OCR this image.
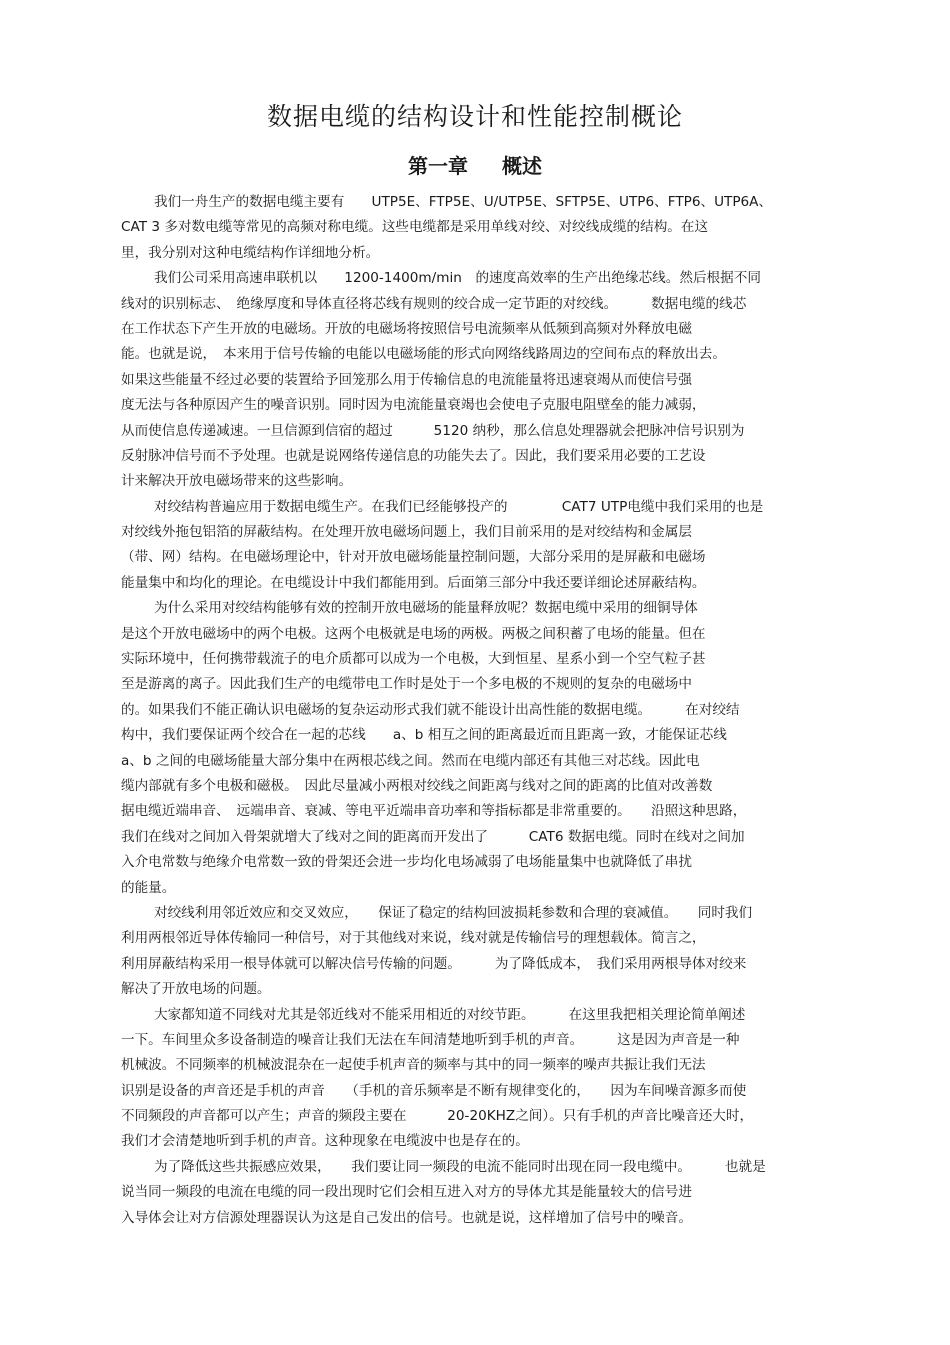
数据电缆的结构设计和性能控制概论
第一章 概述
我们一舟生产的数据电缆主要有　　UTP5E、FTP5E、U/UTP5E、SFTP5E、UTP6、FTP6、UTP6A、
CAT 3 多对数电缆等常见的高频对称电缆。这些电缆都是采用单线对绞、对绞线成缆的结构。在这
里，我分别对这种电缆结构作详细地分析。
我们公司采用高速串联机以　　1200-1400m/min　的速度高效率的生产出绝缘芯线。然后根据不同
线对的识别标志、　绝缘厚度和导体直径将芯线有规则的绞合成一定节距的对绞线。　　　数据电缆的线芯
在工作状态下产生开放的电磁场。开放的电磁场将按照信号电流频率从低频到高频对外释放电磁
能。也就是说，　本来用于信号传输的电能以电磁场能的形式向网络线路周边的空间布点的释放出去。
如果这些能量不经过必要的装置给予回笼那么用于传输信息的电流能量将迅速衰竭从而使信号强
度无法与各种原因产生的噪音识别。同时因为电流能量衰竭也会使电子克服电阻壁垒的能力减弱，
从而使信息传递减速。一旦信源到信宿的超过　　　5120 纳秒，那么信息处理器就会把脉冲信号识别为
反射脉冲信号而不予处理。也就是说网络传递信息的功能失去了。因此，我们要采用必要的工艺设
计来解决开放电磁场带来的这些影响。
对绞结构普遍应用于数据电缆生产。在我们已经能够投产的　　　　CAT7 UTP电缆中我们采用的也是
对绞线外拖包铝箔的屏蔽结构。在处理开放电磁场问题上，我们目前采用的是对绞结构和金属层
（带、网）结构。在电磁场理论中，针对开放电磁场能量控制问题，大部分采用的是屏蔽和电磁场
能量集中和均化的理论。在电缆设计中我们都能用到。后面第三部分中我还要详细论述屏蔽结构。
为什么采用对绞结构能够有效的控制开放电磁场的能量释放呢？数据电缆中采用的细铜导体
是这个开放电磁场中的两个电极。这两个电极就是电场的两极。两极之间积蓄了电场的能量。但在
实际环境中，任何携带载流子的电介质都可以成为一个电极，大到恒星、星系小到一个空气粒子甚
至是游离的离子。因此我们生产的电缆带电工作时是处于一个多电极的不规则的复杂的电磁场中
的。如果我们不能正确认识电磁场的复杂运动形式我们就不能设计出高性能的数据电缆。　　　在对绞结
构中，我们要保证两个绞合在一起的芯线　　a、b 相互之间的距离最近而且距离一致，才能保证芯线
a、b 之间的电磁场能量大部分集中在两根芯线之间。然而在电缆内部还有其他三对芯线。因此电
缆内部就有多个电极和磁极。　因此尽量减小两根对绞线之间距离与线对之间的距离的比值对改善数
据电缆近端串音、　远端串音、衰减、等电平近端串音功率和等指标都是非常重要的。　　沿照这种思路，
我们在线对之间加入骨架就增大了线对之间的距离而开发出了　　　CAT6 数据电缆。同时在线对之间加
入介电常数与绝缘介电常数一致的骨架还会进一步均化电场减弱了电场能量集中也就降低了串扰
的能量。
对绞线利用邻近效应和交叉效应，　　保证了稳定的结构回波损耗参数和合理的衰减值。　　同时我们
利用两根邻近导体传输同一种信号，对于其他线对来说，线对就是传输信号的理想载体。简言之，
利用屏蔽结构采用一根导体就可以解决信号传输的问题。　　　为了降低成本，　我们采用两根导体对绞来
解决了开放电场的问题。
大家都知道不同线对尤其是邻近线对不能采用相近的对绞节距。　　　在这里我把相关理论简单阐述
一下。车间里众多设备制造的噪音让我们无法在车间清楚地听到手机的声音。　　　这是因为声音是一种
机械波。不同频率的机械波混杂在一起使手机声音的频率与其中的同一频率的噪声共振让我们无法
识别是设备的声音还是手机的声音　　（手机的音乐频率是不断有规律变化的，　　因为车间噪音源多而使
不同频段的声音都可以产生；声音的频段主要在　　　20-20KHZ之间）。只有手机的声音比噪音还大时，
我们才会清楚地听到手机的声音。这种现象在电缆波中也是存在的。
为了降低这些共振感应效果，　　我们要让同一频段的电流不能同时出现在同一段电缆中。　　　也就是
说当同一频段的电流在电缆的同一段出现时它们会相互进入对方的导体尤其是能量较大的信号进
入导体会让对方信源处理器误认为这是自己发出的信号。也就是说，这样增加了信号中的噪音。
